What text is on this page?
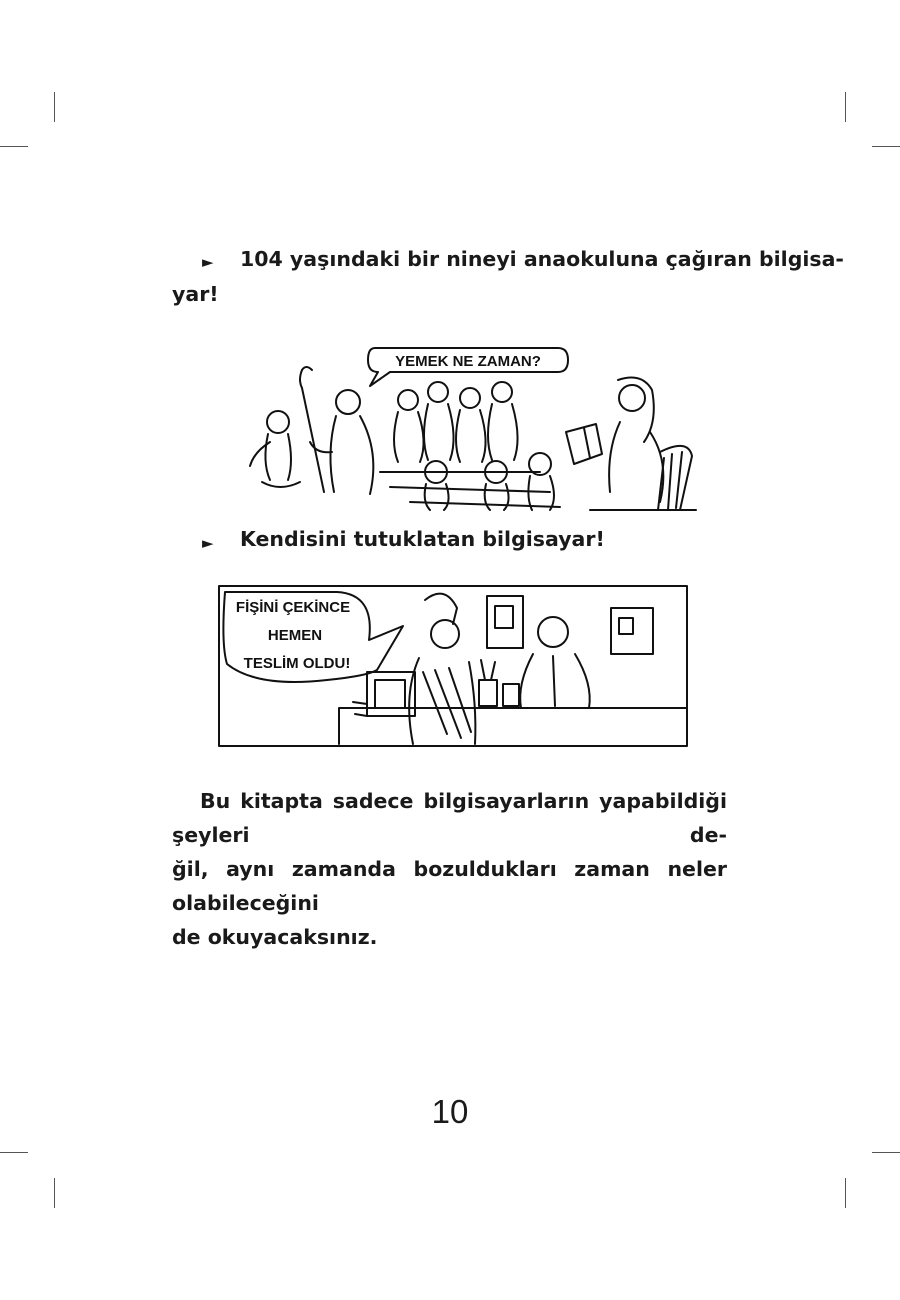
► 104 yaşındaki bir nineyi anaokuluna çağıran bilgisa-
yar!
YEMEK NE ZAMAN?
► Kendisini tutuklatan bilgisayar!
FİŞİNİ ÇEKİNCE
HEMEN
TESLİM OLDU!
Bu kitapta sadece bilgisayarların yapabildiği şeyleri de-
ğil, aynı zamanda bozuldukları zaman neler olabileceğini
de okuyacaksınız.
10
